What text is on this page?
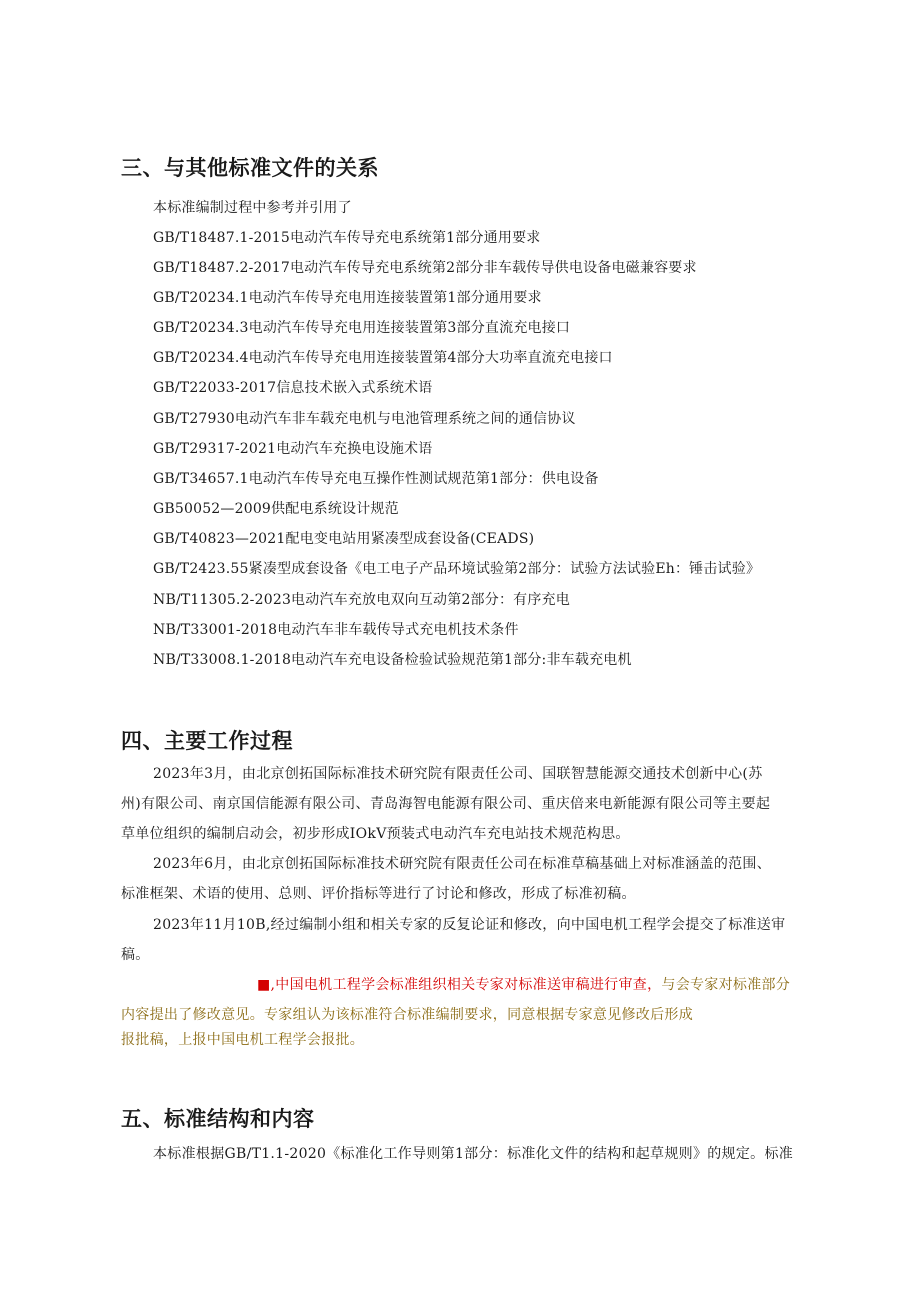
三、与其他标准文件的关系
本标准编制过程中参考并引用了
GB/T18487.1-2015电动汽车传导充电系统第1部分通用要求
GB/T18487.2-2017电动汽车传导充电系统第2部分非车载传导供电设备电磁兼容要求
GB/T20234.1电动汽车传导充电用连接装置第1部分通用要求
GB/T20234.3电动汽车传导充电用连接装置第3部分直流充电接口
GB/T20234.4电动汽车传导充电用连接装置第4部分大功率直流充电接口
GB/T22033-2017信息技术嵌入式系统术语
GB/T27930电动汽车非车载充电机与电池管理系统之间的通信协议
GB/T29317-2021电动汽车充换电设施术语
GB/T34657.1电动汽车传导充电互操作性测试规范第1部分：供电设备
GB50052—2009供配电系统设计规范
GB/T40823—2021配电变电站用紧凑型成套设备(CEADS)
GB/T2423.55紧凑型成套设备《电工电子产品环境试验第2部分：试验方法试验Eh：锤击试验》
NB/T11305.2-2023电动汽车充放电双向互动第2部分：有序充电
NB/T33001-2018电动汽车非车载传导式充电机技术条件
NB/T33008.1-2018电动汽车充电设备检验试验规范第1部分:非车载充电机
四、主要工作过程
2023年3月，由北京创拓国际标准技术研究院有限责任公司、国联智慧能源交通技术创新中心(苏
州)有限公司、南京国信能源有限公司、青岛海智电能源有限公司、重庆倍来电新能源有限公司等主要起
草单位组织的编制启动会，初步形成IOkV预装式电动汽车充电站技术规范构思。
2023年6月，由北京创拓国际标准技术研究院有限责任公司在标准草稿基础上对标准涵盖的范围、
标准框架、术语的使用、总则、评价指标等进行了讨论和修改，形成了标准初稿。
2023年11月10B,经过编制小组和相关专家的反复论证和修改，向中国电机工程学会提交了标准送审
稿。
■,中国电机工程学会标准组织相关专家对标准送审稿进行审查，与会专家对标准部分
内容提出了修改意见。专家组认为该标准符合标准编制要求，同意根据专家意见修改后形成
报批稿，上报中国电机工程学会报批。
五、标准结构和内容
本标准根据GB/T1.1-2020《标准化工作导则第1部分：标准化文件的结构和起草规则》的规定。标准
